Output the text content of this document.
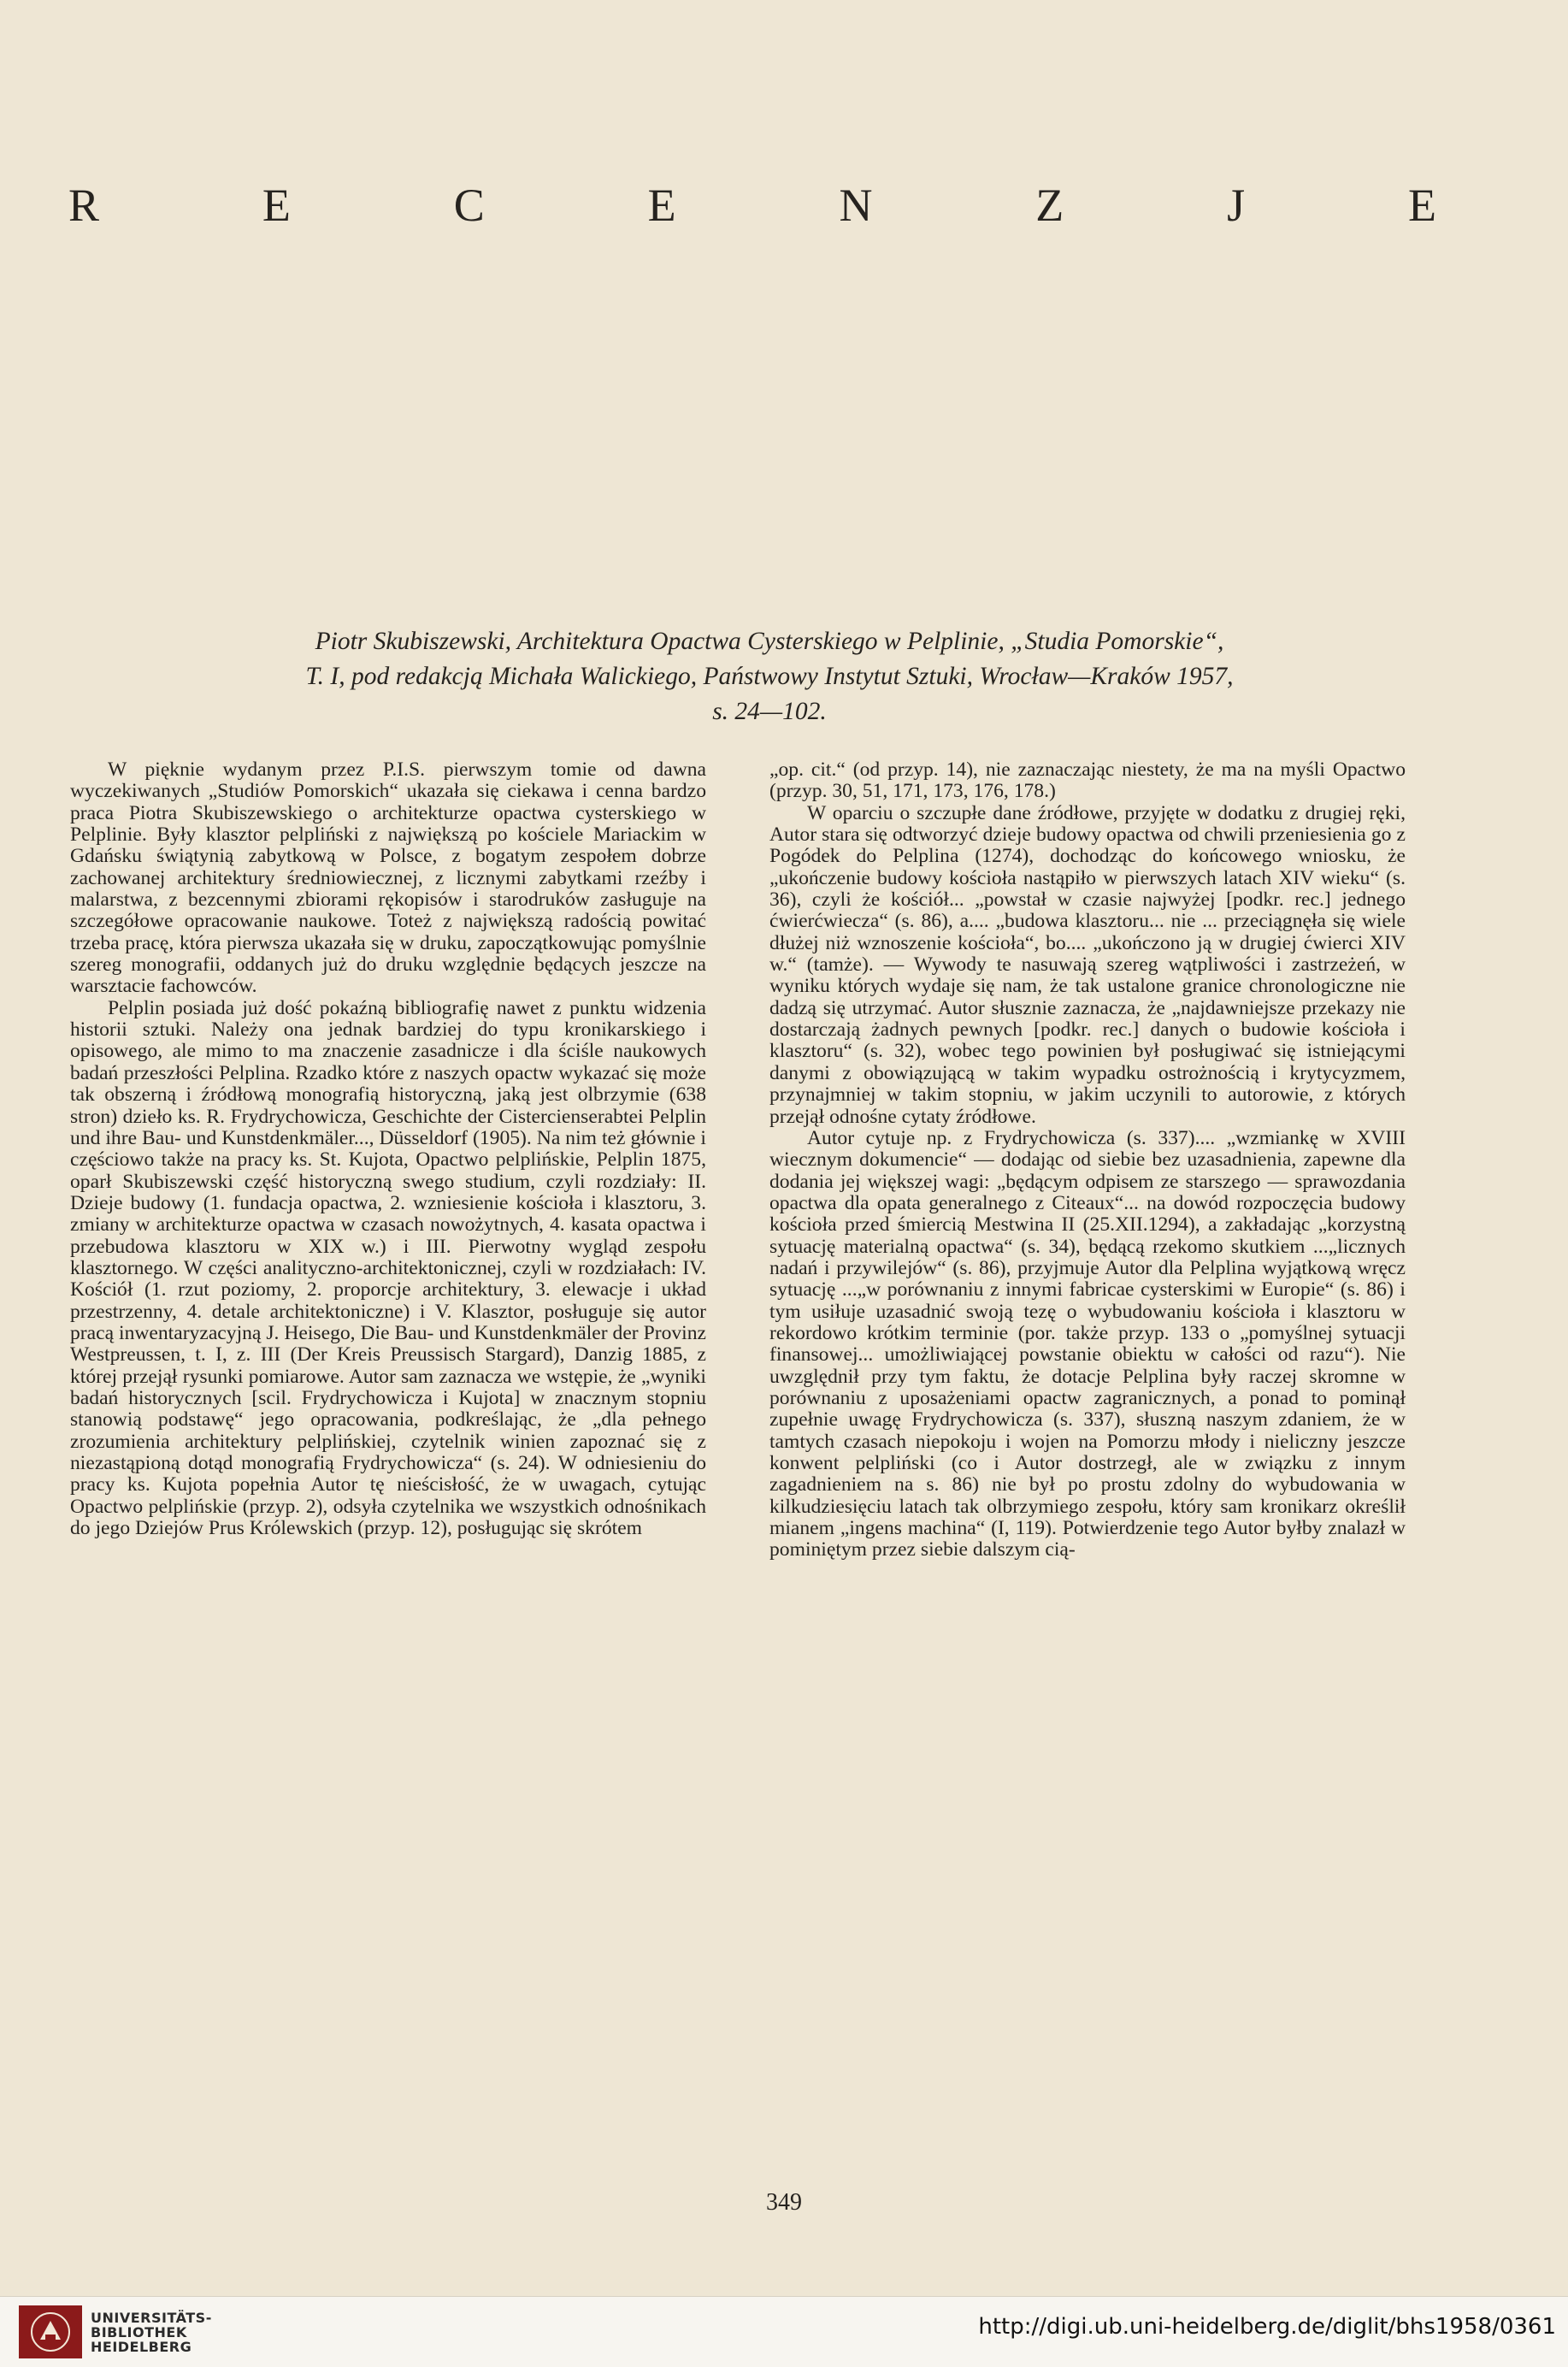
R	E	C	E	N	Z	J	E
Piotr Skubiszewski, Architektura Opactwa Cysterskiego w Pelplinie, „Studia Pomorskie“,
T. I, pod redakcją Michała Walickiego, Państwowy Instytut Sztuki, Wrocław—Kraków 1957,
s. 24—102.

W pięknie wydanym przez P.I.S. pierwszym tomie od dawna wyczekiwanych „Studiów Pomorskich“ ukazała się ciekawa i cenna bardzo praca Piotra Skubiszewskiego o architekturze opactwa cysterskiego w Pelplinie. Były klasztor pelpliński z największą po kościele Mariackim w Gdańsku świątynią zabytkową w Polsce, z bogatym zespołem dobrze zachowanej architektury średniowiecznej, z licznymi zabytkami rzeźby i malarstwa, z bezcennymi zbiorami rękopisów i starodruków zasługuje na szczegółowe opracowanie naukowe. Toteż z największą radością powitać trzeba pracę, która pierwsza ukazała się w druku, zapoczątkowując pomyślnie szereg monografii, oddanych już do druku względnie będących jeszcze na warsztacie fachowców.

Pelplin posiada już dość pokaźną bibliografię nawet z punktu widzenia historii sztuki. Należy ona jednak bardziej do typu kronikarskiego i opisowego, ale mimo to ma znaczenie zasadnicze i dla ściśle naukowych badań przeszłości Pelplina. Rzadko które z naszych opactw wykazać się może tak obszerną i źródłową monografią historyczną, jaką jest olbrzymie (638 stron) dzieło ks. R. Frydrychowicza, Geschichte der Cistercienserabtei Pelplin und ihre Bau- und Kunstdenkmäler..., Düsseldorf (1905). Na nim też głównie i częściowo także na pracy ks. St. Kujota, Opactwo pelplińskie, Pelplin 1875, oparł Skubiszewski część historyczną swego studium, czyli rozdziały: II. Dzieje budowy (1. fundacja opactwa, 2. wzniesienie kościoła i klasztoru, 3. zmiany w architekturze opactwa w czasach nowożytnych, 4. kasata opactwa i przebudowa klasztoru w XIX w.) i III. Pierwotny wygląd zespołu klasztornego. W części analityczno-architektonicznej, czyli w rozdziałach: IV. Kościół (1. rzut poziomy, 2. proporcje architektury, 3. elewacje i układ przestrzenny, 4. detale architektoniczne) i V. Klasztor, posługuje się autor pracą inwentaryzacyjną J. Heisego, Die Bau- und Kunstdenkmäler der Provinz Westpreussen, t. I, z. III (Der Kreis Preussisch Stargard), Danzig 1885, z której przejął rysunki pomiarowe. Autor sam zaznacza we wstępie, że „wyniki badań historycznych [scil. Frydrychowicza i Kujota] w znacznym stopniu stanowią podstawę“ jego opracowania, podkreślając, że „dla pełnego zrozumienia architektury pelplińskiej, czytelnik winien zapoznać się z niezastąpioną dotąd monografią Frydrychowicza“ (s. 24). W odniesieniu do pracy ks. Kujota popełnia Autor tę nieścisłość, że w uwagach, cytując Opactwo pelplińskie (przyp. 2), odsyła czytelnika we wszystkich odnośnikach do jego Dziejów Prus Królewskich (przyp. 12), posługując się skrótem

„op. cit.“ (od przyp. 14), nie zaznaczając niestety, że ma na myśli Opactwo (przyp. 30, 51, 171, 173, 176, 178.)

W oparciu o szczupłe dane źródłowe, przyjęte w dodatku z drugiej ręki, Autor stara się odtworzyć dzieje budowy opactwa od chwili przeniesienia go z Pogódek do Pelplina (1274), dochodząc do końcowego wniosku, że „ukończenie budowy kościoła nastąpiło w pierwszych latach XIV wieku“ (s. 36), czyli że kościół... „powstał w czasie najwyżej [podkr. rec.] jednego ćwierćwiecza“ (s. 86), a.... „budowa klasztoru... nie ... przeciągnęła się wiele dłużej niż wznoszenie kościoła“, bo.... „ukończono ją w drugiej ćwierci XIV w.“ (tamże). — Wywody te nasuwają szereg wątpliwości i zastrzeżeń, w wyniku których wydaje się nam, że tak ustalone granice chronologiczne nie dadzą się utrzymać. Autor słusznie zaznacza, że „najdawniejsze przekazy nie dostarczają żadnych pewnych [podkr. rec.] danych o budowie kościoła i klasztoru“ (s. 32), wobec tego powinien był posługiwać się istniejącymi danymi z obowiązującą w takim wypadku ostrożnością i krytycyzmem, przynajmniej w takim stopniu, w jakim uczynili to autorowie, z których przejął odnośne cytaty źródłowe.

Autor cytuje np. z Frydrychowicza (s. 337).... „wzmiankę w XVIII wiecznym dokumencie“ — dodając od siebie bez uzasadnienia, zapewne dla dodania jej większej wagi: „będącym odpisem ze starszego — sprawozdania opactwa dla opata generalnego z Citeaux“... na dowód rozpoczęcia budowy kościoła przed śmiercią Mestwina II (25.XII.1294), a zakładając „korzystną sytuację materialną opactwa“ (s. 34), będącą rzekomo skutkiem ...„licznych nadań i przywilejów“ (s. 86), przyjmuje Autor dla Pelplina wyjątkową wręcz sytuację ...„w porównaniu z innymi fabricae cysterskimi w Europie“ (s. 86) i tym usiłuje uzasadnić swoją tezę o wybudowaniu kościoła i klasztoru w rekordowo krótkim terminie (por. także przyp. 133 o „pomyślnej sytuacji finansowej... umożliwiającej powstanie obiektu w całości od razu“). Nie uwzględnił przy tym faktu, że dotacje Pelplina były raczej skromne w porównaniu z uposażeniami opactw zagranicznych, a ponad to pominął zupełnie uwagę Frydrychowicza (s. 337), słuszną naszym zdaniem, że w tamtych czasach niepokoju i wojen na Pomorzu młody i nieliczny jeszcze konwent pelpliński (co i Autor dostrzegł, ale w związku z innym zagadnieniem na s. 86) nie był po prostu zdolny do wybudowania w kilkudziesięciu latach tak olbrzymiego zespołu, który sam kronikarz określił mianem „ingens machina“ (I, 119). Potwierdzenie tego Autor byłby znalazł w pominiętym przez siebie dalszym cią-

349
UNIVERSITÄTS-
BIBLIOTHEK
HEIDELBERG
http://digi.ub.uni-heidelberg.de/diglit/bhs1958/0361
